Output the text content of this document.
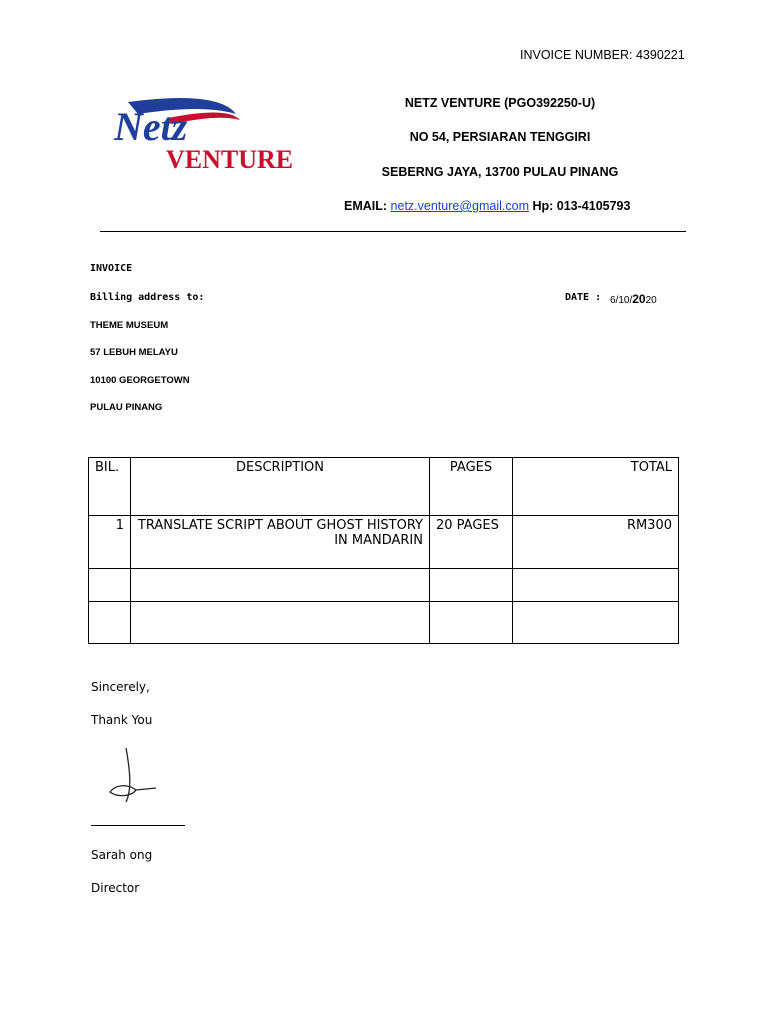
INVOICE NUMBER: 4390221
Netz
VENTURE
NETZ VENTURE (PGO392250-U)
NO 54, PERSIARAN TENGGIRI
SEBERNG JAYA, 13700 PULAU PINANG
EMAIL: netz.venture@gmail.com Hp: 013-4105793
INVOICE
Billing address to:
THEME MUSEUM
57 LEBUH MELAYU
10100 GEORGETOWN
PULAU PINANG
DATE : 6/10/2020
BIL.	DESCRIPTION	PAGES	TOTAL
1	TRANSLATE SCRIPT ABOUT GHOST HISTORY IN MANDARIN	20 PAGES	RM300

Sincerely,
Thank You
Sarah ong
Director
